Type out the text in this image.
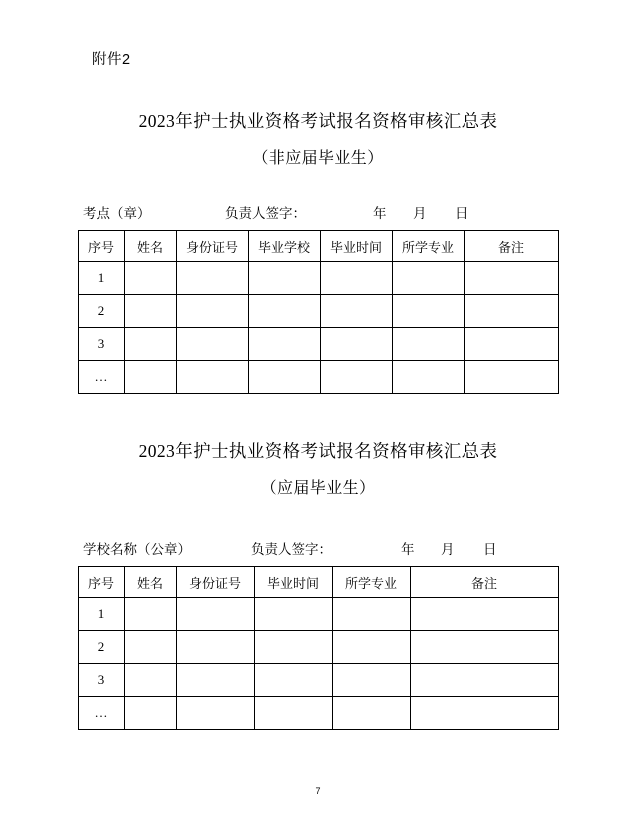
附件2
2023年护士执业资格考试报名资格审核汇总表
（非应届毕业生）
考点（章）	负责人签字：	年 月 日
序号	姓名	身份证号	毕业学校	毕业时间	所学专业	备注
1						
2						
3						
…						
2023年护士执业资格考试报名资格审核汇总表
（应届毕业生）
学校名称（公章）	负责人签字：	年 月 日
序号	姓名	身份证号	毕业时间	所学专业	备注
1					
2					
3					
…					
7
